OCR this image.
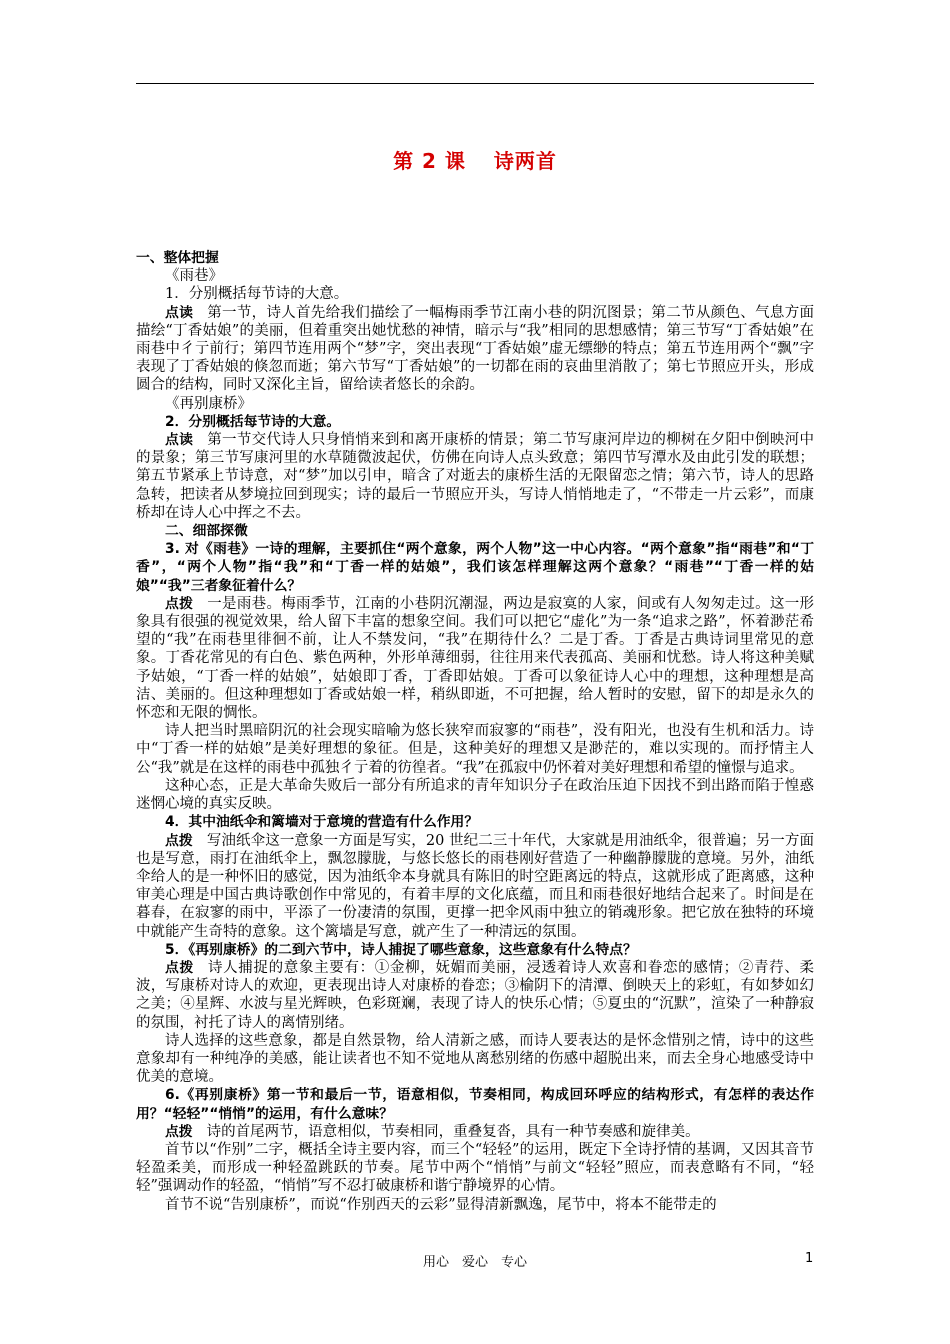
第 2 课 诗两首

一、整体把握

《雨巷》

1．分别概括每节诗的大意。

点读 第一节，诗人首先给我们描绘了一幅梅雨季节江南小巷的阴沉图景；第二节从颜色、气息方面描绘“丁香姑娘”的美丽，但着重突出她忧愁的神情，暗示与“我”相同的思想感情；第三节写“丁香姑娘”在雨巷中彳亍前行；第四节连用两个“梦”字，突出表现“丁香姑娘”虚无缥缈的特点；第五节连用两个“飘”字表现了丁香姑娘的倏忽而逝；第六节写“丁香姑娘”的一切都在雨的哀曲里消散了；第七节照应开头，形成圆合的结构，同时又深化主旨，留给读者悠长的余韵。

《再别康桥》

2．分别概括每节诗的大意。

点读 第一节交代诗人只身悄悄来到和离开康桥的情景；第二节写康河岸边的柳树在夕阳中倒映河中的景象；第三节写康河里的水草随微波起伏，仿佛在向诗人点头致意；第四节写潭水及由此引发的联想；第五节紧承上节诗意，对“梦”加以引申，暗含了对逝去的康桥生活的无限留恋之情；第六节，诗人的思路急转，把读者从梦境拉回到现实；诗的最后一节照应开头，写诗人悄悄地走了，“不带走一片云彩”，而康桥却在诗人心中挥之不去。

二、细部探微

3. 对《雨巷》一诗的理解，主要抓住“两个意象，两个人物”这一中心内容。“两个意象”指“雨巷”和“丁香”，“两个人物”指“我”和“丁香一样的姑娘”，我们该怎样理解这两个意象？“雨巷”“丁香一样的姑娘”“我”三者象征着什么？

点拨 一是雨巷。梅雨季节，江南的小巷阴沉潮湿，两边是寂寞的人家，间或有人匆匆走过。这一形象具有很强的视觉效果，给人留下丰富的想象空间。我们可以把它“虚化”为一条“追求之路”，怀着渺茫希望的“我”在雨巷里徘徊不前，让人不禁发问，“我”在期待什么？二是丁香。丁香是古典诗词里常见的意象。丁香花常见的有白色、紫色两种，外形单薄细弱，往往用来代表孤高、美丽和忧愁。诗人将这种美赋予姑娘，“丁香一样的姑娘”，姑娘即丁香，丁香即姑娘。丁香可以象征诗人心中的理想，这种理想是高洁、美丽的。但这种理想如丁香或姑娘一样，稍纵即逝，不可把握，给人暂时的安慰，留下的却是永久的怀恋和无限的惆怅。

诗人把当时黑暗阴沉的社会现实暗喻为悠长狭窄而寂寥的“雨巷”，没有阳光，也没有生机和活力。诗中“丁香一样的姑娘”是美好理想的象征。但是，这种美好的理想又是渺茫的，难以实现的。而抒情主人公“我”就是在这样的雨巷中孤独彳亍着的彷徨者。“我”在孤寂中仍怀着对美好理想和希望的憧憬与追求。

这种心态，正是大革命失败后一部分有所追求的青年知识分子在政治压迫下因找不到出路而陷于惶惑迷惘心境的真实反映。

4．其中油纸伞和篱墙对于意境的营造有什么作用？

点拨 写油纸伞这一意象一方面是写实，20 世纪二三十年代，大家就是用油纸伞，很普遍；另一方面也是写意，雨打在油纸伞上，飘忽朦胧，与悠长悠长的雨巷刚好营造了一种幽静朦胧的意境。另外，油纸伞给人的是一种怀旧的感觉，因为油纸伞本身就具有陈旧的时空距离远的特点，这就形成了距离感，这种审美心理是中国古典诗歌创作中常见的，有着丰厚的文化底蕴，而且和雨巷很好地结合起来了。时间是在暮春，在寂寥的雨中，平添了一份凄清的氛围，更撑一把伞风雨中独立的销魂形象。把它放在独特的环境中就能产生奇特的意象。这个篱墙是写意，就产生了一种清远的氛围。

5．《再别康桥》的二到六节中，诗人捕捉了哪些意象，这些意象有什么特点？

点拨 诗人捕捉的意象主要有：①金柳，妩媚而美丽，浸透着诗人欢喜和眷恋的感情；②青荇、柔波，写康桥对诗人的欢迎，更表现出诗人对康桥的眷恋；③榆阴下的清潭、倒映天上的彩虹，有如梦如幻之美；④星辉、水波与星光辉映，色彩斑斓，表现了诗人的快乐心情；⑤夏虫的“沉默”，渲染了一种静寂的氛围，衬托了诗人的离情别绪。

诗人选择的这些意象，都是自然景物，给人清新之感，而诗人要表达的是怀念惜别之情，诗中的这些意象却有一种纯净的美感，能让读者也不知不觉地从离愁别绪的伤感中超脱出来，而去全身心地感受诗中优美的意境。

6.《再别康桥》第一节和最后一节，语意相似，节奏相同，构成回环呼应的结构形式，有怎样的表达作用？“轻轻”“悄悄”的运用，有什么意味？

点拨 诗的首尾两节，语意相似，节奏相同，重叠复沓，具有一种节奏感和旋律美。

首节以“作别”二字，概括全诗主要内容，而三个“轻轻”的运用，既定下全诗抒情的基调，又因其音节轻盈柔美，而形成一种轻盈跳跃的节奏。尾节中两个“悄悄”与前文“轻轻”照应，而表意略有不同，“轻轻”强调动作的轻盈，“悄悄”写不忍打破康桥和谐宁静境界的心情。

首节不说“告别康桥”，而说“作别西天的云彩”显得清新飘逸，尾节中，将本不能带走的

用心　爱心　专心	1
